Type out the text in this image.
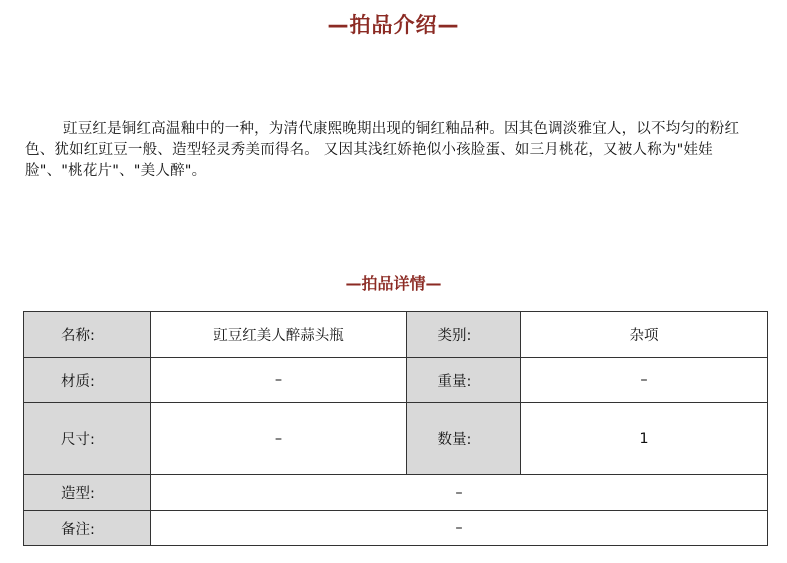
—拍品介绍—

豇豆红是铜红高温釉中的一种，为清代康熙晚期出现的铜红釉品种。因其色调淡雅宜人，以不均匀的粉红色、犹如红豇豆一般、造型轻灵秀美而得名。 又因其浅红娇艳似小孩脸蛋、如三月桃花，又被人称为"娃娃脸"、"桃花片"、"美人醉"。

—拍品详情—
名称:	豇豆红美人醉蒜头瓶	类别:	杂项
材质:	–	重量:	–
尺寸:	–	数量:	1
造型:	–		
备注:	–		
